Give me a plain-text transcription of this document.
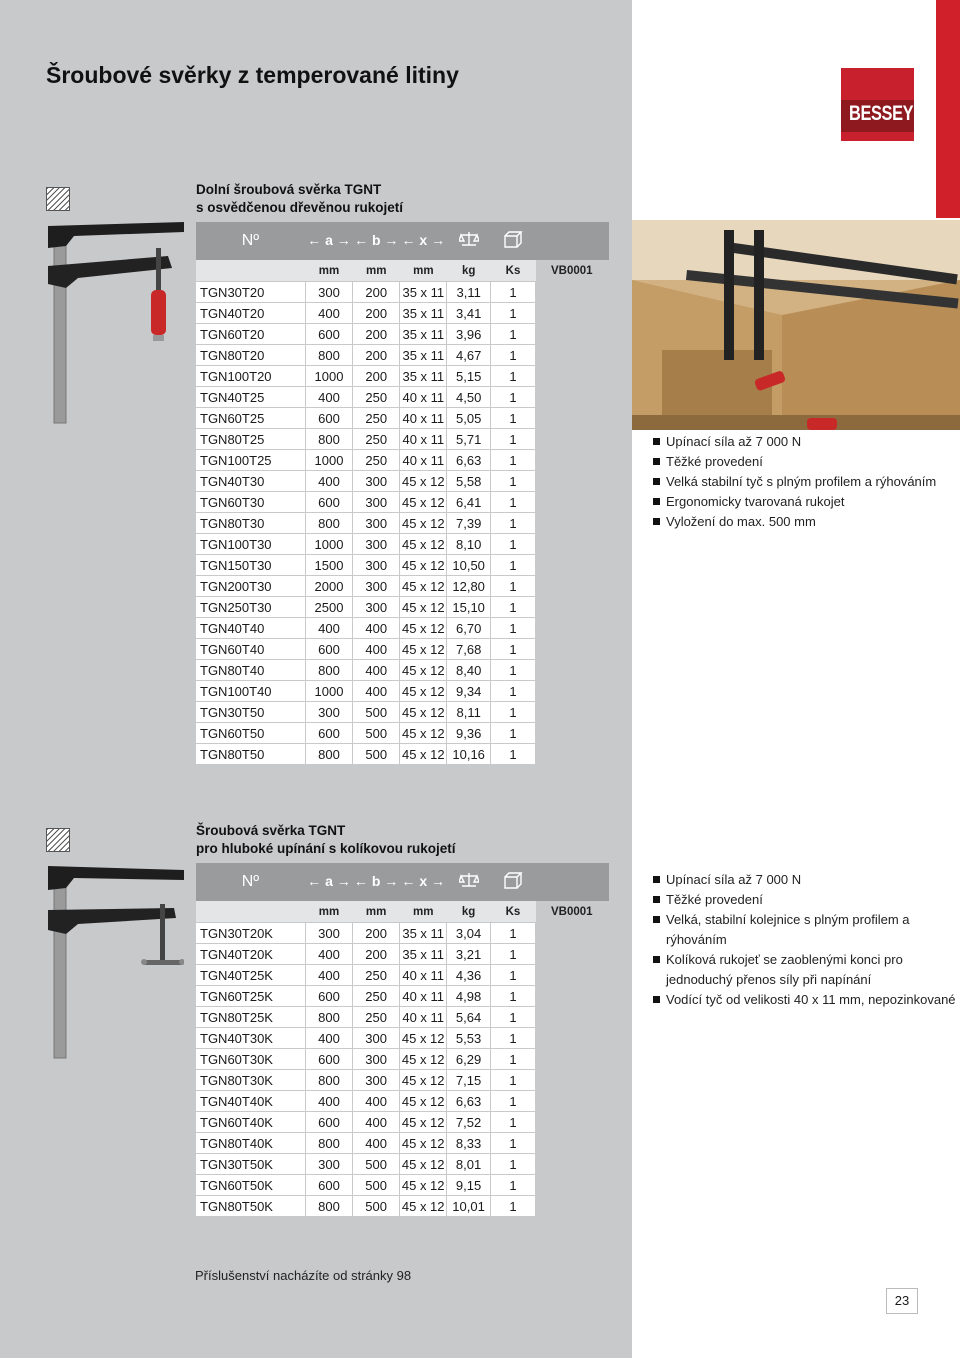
Šroubové svěrky z temperované litiny
BESSEY
Dolní šroubová svěrka TGNT
s osvědčenou dřevěnou rukojetí
Nº	← a →	← b →	← x →			
	mm	mm	mm	kg	Ks	VB0001
TGN30T20	300	200	35 x 11	3,11	1	
TGN40T20	400	200	35 x 11	3,41	1	
TGN60T20	600	200	35 x 11	3,96	1	
TGN80T20	800	200	35 x 11	4,67	1	
TGN100T20	1000	200	35 x 11	5,15	1	
TGN40T25	400	250	40 x 11	4,50	1	
TGN60T25	600	250	40 x 11	5,05	1	
TGN80T25	800	250	40 x 11	5,71	1	
TGN100T25	1000	250	40 x 11	6,63	1	
TGN40T30	400	300	45 x 12	5,58	1	
TGN60T30	600	300	45 x 12	6,41	1	
TGN80T30	800	300	45 x 12	7,39	1	
TGN100T30	1000	300	45 x 12	8,10	1	
TGN150T30	1500	300	45 x 12	10,50	1	
TGN200T30	2000	300	45 x 12	12,80	1	
TGN250T30	2500	300	45 x 12	15,10	1	
TGN40T40	400	400	45 x 12	6,70	1	
TGN60T40	600	400	45 x 12	7,68	1	
TGN80T40	800	400	45 x 12	8,40	1	
TGN100T40	1000	400	45 x 12	9,34	1	
TGN30T50	300	500	45 x 12	8,11	1	
TGN60T50	600	500	45 x 12	9,36	1	
TGN80T50	800	500	45 x 12	10,16	1	
Upínací síla až 7 000 N
Těžké provedení
Velká stabilní tyč s plným profilem a rýhováním
Ergonomicky tvarovaná rukojet
Vyložení do max. 500 mm
Šroubová svěrka TGNT
pro hluboké upínání s kolíkovou rukojetí
Nº	← a →	← b →	← x →			
	mm	mm	mm	kg	Ks	VB0001
TGN30T20K	300	200	35 x 11	3,04	1	
TGN40T20K	400	200	35 x 11	3,21	1	
TGN40T25K	400	250	40 x 11	4,36	1	
TGN60T25K	600	250	40 x 11	4,98	1	
TGN80T25K	800	250	40 x 11	5,64	1	
TGN40T30K	400	300	45 x 12	5,53	1	
TGN60T30K	600	300	45 x 12	6,29	1	
TGN80T30K	800	300	45 x 12	7,15	1	
TGN40T40K	400	400	45 x 12	6,63	1	
TGN60T40K	600	400	45 x 12	7,52	1	
TGN80T40K	800	400	45 x 12	8,33	1	
TGN30T50K	300	500	45 x 12	8,01	1	
TGN60T50K	600	500	45 x 12	9,15	1	
TGN80T50K	800	500	45 x 12	10,01	1	
Upínací síla až 7 000 N
Těžké provedení
Velká, stabilní kolejnice s plným profilem a rýhováním
Kolíková rukojeť se zaoblenými konci pro jednoduchý přenos síly při napínání
Vodící tyč od velikosti 40 x 11 mm, nepozinkované

Příslušenství nacházíte od stránky 98

23
